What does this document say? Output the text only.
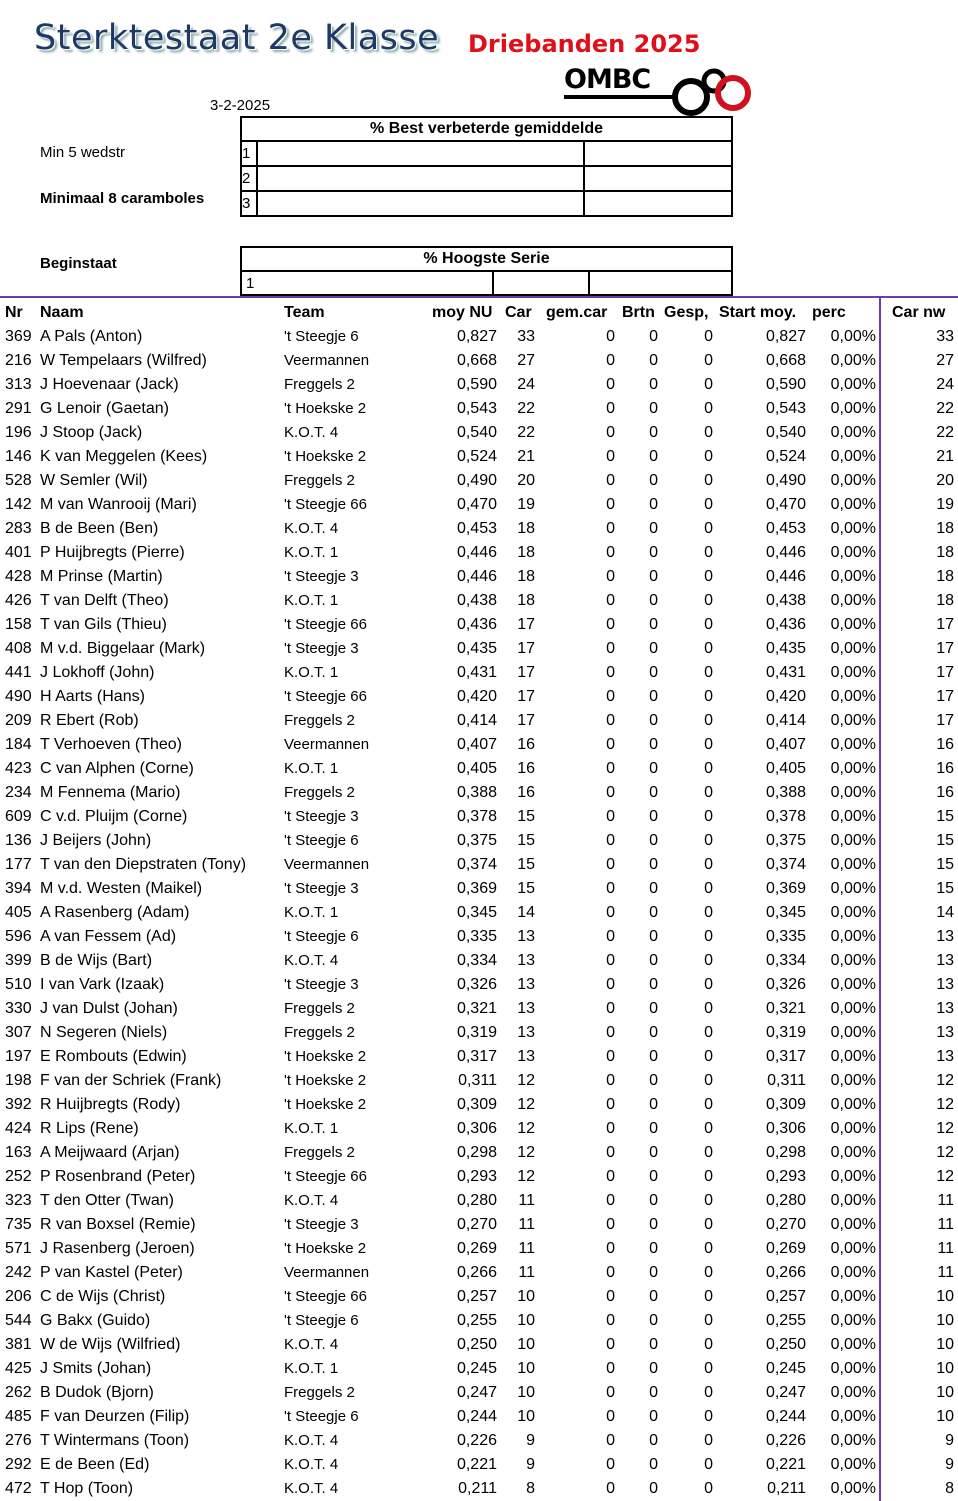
Sterktestaat 2e Klasse Driebanden 2025
OMBC
3-2-2025
Min 5 wedstr
Minimaal 8 caramboles
Beginstaat
% Best verbeterde gemiddelde		
1		
2		
3		
% Hoogste Serie
1		
Nr Naam	Team	moy NU Car gem.car Brtn Gesp, Start moy. perc	Car nw
369 A Pals (Anton)	't Steegje 6	0,827 33	0 0	0	0,827 0,00%	33
216 W Tempelaars (Wilfred)	Veermannen	0,668 27	0 0	0	0,668 0,00%	27
313 J Hoevenaar (Jack)	Freggels 2	0,590 24	0 0	0	0,590 0,00%	24
291 G Lenoir (Gaetan)	't Hoekske 2	0,543 22	0 0	0	0,543 0,00%	22
196 J Stoop (Jack)	K.O.T. 4	0,540 22	0 0	0	0,540 0,00%	22
146 K van Meggelen (Kees)	't Hoekske 2	0,524 21	0 0	0	0,524 0,00%	21
528 W Semler (Wil)	Freggels 2	0,490 20	0 0	0	0,490 0,00%	20
142 M van Wanrooij (Mari)	't Steegje 66	0,470 19	0 0	0	0,470 0,00%	19
283 B de Been (Ben)	K.O.T. 4	0,453 18	0 0	0	0,453 0,00%	18
401 P Huijbregts (Pierre)	K.O.T. 1	0,446 18	0 0	0	0,446 0,00%	18
428 M Prinse (Martin)	't Steegje 3	0,446 18	0 0	0	0,446 0,00%	18
426 T van Delft (Theo)	K.O.T. 1	0,438 18	0 0	0	0,438 0,00%	18
158 T van Gils (Thieu)	't Steegje 66	0,436 17	0 0	0	0,436 0,00%	17
408 M v.d. Biggelaar (Mark)	't Steegje 3	0,435 17	0 0	0	0,435 0,00%	17
441 J Lokhoff (John)	K.O.T. 1	0,431 17	0 0	0	0,431 0,00%	17
490 H Aarts (Hans)	't Steegje 66	0,420 17	0 0	0	0,420 0,00%	17
209 R Ebert (Rob)	Freggels 2	0,414 17	0 0	0	0,414 0,00%	17
184 T Verhoeven (Theo)	Veermannen	0,407 16	0 0	0	0,407 0,00%	16
423 C van Alphen (Corne)	K.O.T. 1	0,405 16	0 0	0	0,405 0,00%	16
234 M Fennema (Mario)	Freggels 2	0,388 16	0 0	0	0,388 0,00%	16
609 C v.d. Pluijm (Corne)	't Steegje 3	0,378 15	0 0	0	0,378 0,00%	15
136 J Beijers (John)	't Steegje 6	0,375 15	0 0	0	0,375 0,00%	15
177 T van den Diepstraten (Tony)	Veermannen	0,374 15	0 0	0	0,374 0,00%	15
394 M v.d. Westen (Maikel)	't Steegje 3	0,369 15	0 0	0	0,369 0,00%	15
405 A Rasenberg (Adam)	K.O.T. 1	0,345 14	0 0	0	0,345 0,00%	14
596 A van Fessem (Ad)	't Steegje 6	0,335 13	0 0	0	0,335 0,00%	13
399 B de Wijs (Bart)	K.O.T. 4	0,334 13	0 0	0	0,334 0,00%	13
510 I van Vark (Izaak)	't Steegje 3	0,326 13	0 0	0	0,326 0,00%	13
330 J van Dulst (Johan)	Freggels 2	0,321 13	0 0	0	0,321 0,00%	13
307 N Segeren (Niels)	Freggels 2	0,319 13	0 0	0	0,319 0,00%	13
197 E Rombouts (Edwin)	't Hoekske 2	0,317 13	0 0	0	0,317 0,00%	13
198 F van der Schriek (Frank)	't Hoekske 2	0,311 12	0 0	0	0,311 0,00%	12
392 R Huijbregts (Rody)	't Hoekske 2	0,309 12	0 0	0	0,309 0,00%	12
424 R Lips (Rene)	K.O.T. 1	0,306 12	0 0	0	0,306 0,00%	12
163 A Meijwaard (Arjan)	Freggels 2	0,298 12	0 0	0	0,298 0,00%	12
252 P Rosenbrand (Peter)	't Steegje 66	0,293 12	0 0	0	0,293 0,00%	12
323 T den Otter (Twan)	K.O.T. 4	0,280 11	0 0	0	0,280 0,00%	11
735 R van Boxsel (Remie)	't Steegje 3	0,270 11	0 0	0	0,270 0,00%	11
571 J Rasenberg (Jeroen)	't Hoekske 2	0,269 11	0 0	0	0,269 0,00%	11
242 P van Kastel (Peter)	Veermannen	0,266 11	0 0	0	0,266 0,00%	11
206 C de Wijs (Christ)	't Steegje 66	0,257 10	0 0	0	0,257 0,00%	10
544 G Bakx (Guido)	't Steegje 6	0,255 10	0 0	0	0,255 0,00%	10
381 W de Wijs (Wilfried)	K.O.T. 4	0,250 10	0 0	0	0,250 0,00%	10
425 J Smits (Johan)	K.O.T. 1	0,245 10	0 0	0	0,245 0,00%	10
262 B Dudok (Bjorn)	Freggels 2	0,247 10	0 0	0	0,247 0,00%	10
485 F van Deurzen (Filip)	't Steegje 6	0,244 10	0 0	0	0,244 0,00%	10
276 T Wintermans (Toon)	K.O.T. 4	0,226 9	0 0	0	0,226 0,00%	9
292 E de Been (Ed)	K.O.T. 4	0,221 9	0 0	0	0,221 0,00%	9
472 T Hop (Toon)	K.O.T. 4	0,211 8	0 0	0	0,211 0,00%	8
